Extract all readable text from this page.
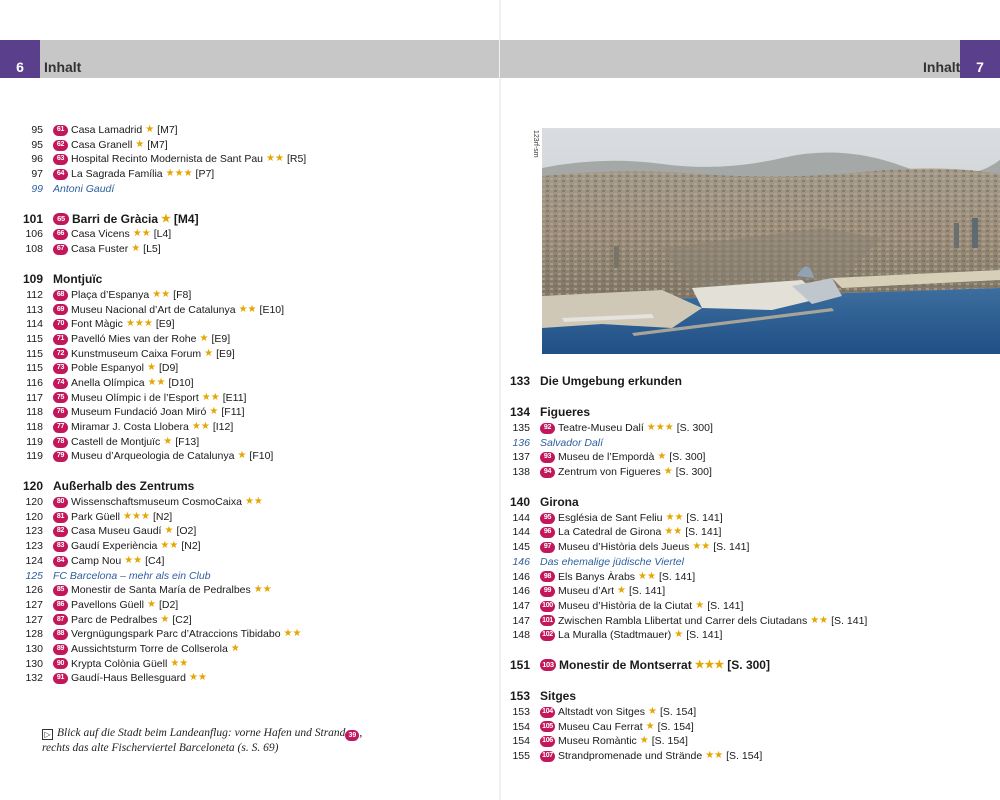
6	Inhalt
95	61 Casa Lamadrid ★ [M7]
95	62 Casa Granell ★ [M7]
96	63 Hospital Recinto Modernista de Sant Pau ★★ [R5]
97	64 La Sagrada Família ★★★ [P7]
99 Antoni Gaudí
101	65 Barri de Gràcia ★ [M4]
106	66 Casa Vicens ★★ [L4]
108	67 Casa Fuster ★ [L5]
109 Montjuïc
112	68 Plaça d’Espanya ★★ [F8]
113	69 Museu Nacional d’Art de Catalunya ★★ [E10]
114	70 Font Màgic ★★★ [E9]
115	71 Pavelló Mies van der Rohe ★ [E9]
115	72 Kunstmuseum Caixa Forum ★ [E9]
115	73 Poble Espanyol ★ [D9]
116	74 Anella Olímpica ★★ [D10]
117	75 Museu Olímpic i de l’Esport ★★ [E11]
118	76 Museum Fundació Joan Miró ★ [F11]
118	77 Miramar J. Costa Llobera ★★ [I12]
119	78 Castell de Montjuïc ★ [F13]
119	79 Museu d’Arqueologia de Catalunya ★ [F10]
120 Außerhalb des Zentrums
120	80 Wissenschaftsmuseum CosmoCaixa ★★
120	81 Park Güell ★★★ [N2]
123	82 Casa Museu Gaudí ★ [O2]
123	83 Gaudí Experiència ★★ [N2]
124	84 Camp Nou ★★ [C4]
125 FC Barcelona – mehr als ein Club
126	85 Monestir de Santa María de Pedralbes ★★
127	86 Pavellons Güell ★ [D2]
127	87 Parc de Pedralbes ★ [C2]
128	88 Vergnügungspark Parc d’Atraccions Tibidabo ★★
130	89 Aussichtsturm Torre de Collserola ★
130	90 Krypta Colònia Güell ★★
132	91 Gaudí-Haus Bellesguard ★★
▷ Blick auf die Stadt beim Landeanflug: vorne Hafen und Strand 39 ,
rechts das alte Fischerviertel Barceloneta (s. S. 69)
Inhalt	7
123rf-sm
133 Die Umgebung erkunden
134 Figueres
135	92 Teatre-Museu Dalí ★★★ [S. 300]
136 Salvador Dalí
137	93 Museu de l’Empordà ★ [S. 300]
138	94 Zentrum von Figueres ★ [S. 300]
140 Girona
144	95 Església de Sant Feliu ★★ [S. 141]
144	96 La Catedral de Girona ★★ [S. 141]
145	97 Museu d’Història dels Jueus ★★ [S. 141]
146 Das ehemalige jüdische Viertel
146	98 Els Banys Àrabs ★★ [S. 141]
146	99 Museu d’Art ★ [S. 141]
147	100 Museu d’Història de la Ciutat ★ [S. 141]
147	101 Zwischen Rambla Llibertat und Carrer dels Ciutadans ★★ [S. 141]
148	102 La Muralla (Stadtmauer) ★ [S. 141]
151	103 Monestir de Montserrat ★★★ [S. 300]
153 Sitges
153	104 Altstadt von Sitges ★ [S. 154]
154	105 Museu Cau Ferrat ★ [S. 154]
154	106 Museu Romàntic ★ [S. 154]
155	107 Strandpromenade und Strände ★★ [S. 154]
